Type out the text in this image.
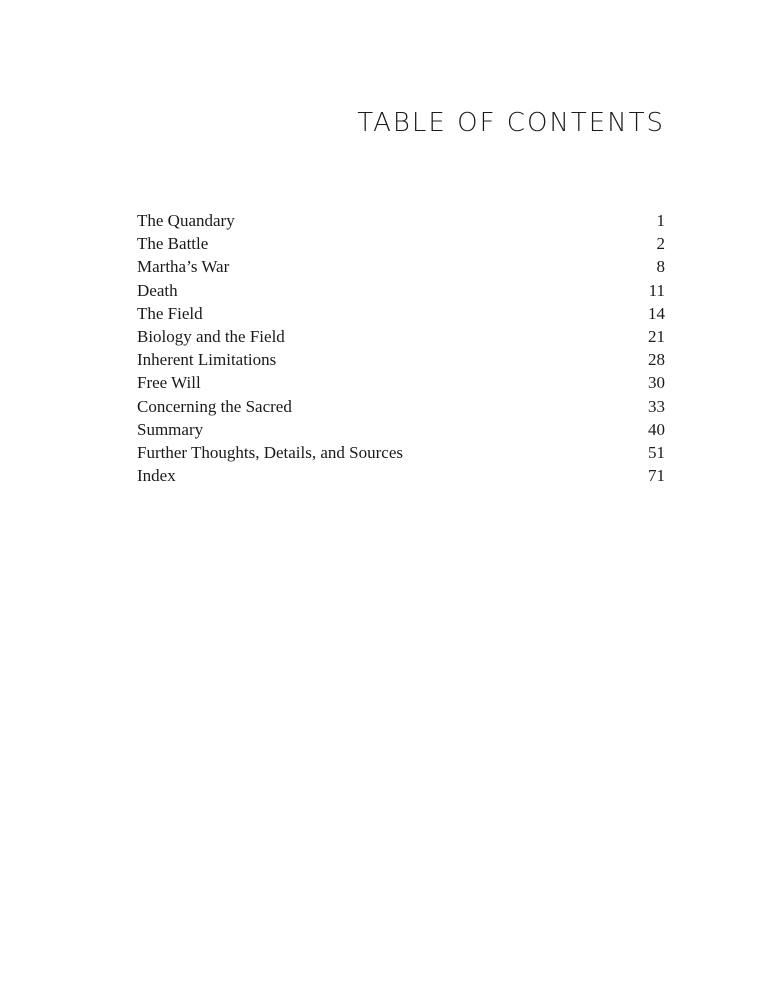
TABLE OF CONTENTS
The Quandary	1
The Battle	2
Martha’s War	8
Death	11
The Field	14
Biology and the Field	21
Inherent Limitations	28
Free Will	30
Concerning the Sacred	33
Summary	40
Further Thoughts, Details, and Sources	51
Index	71
